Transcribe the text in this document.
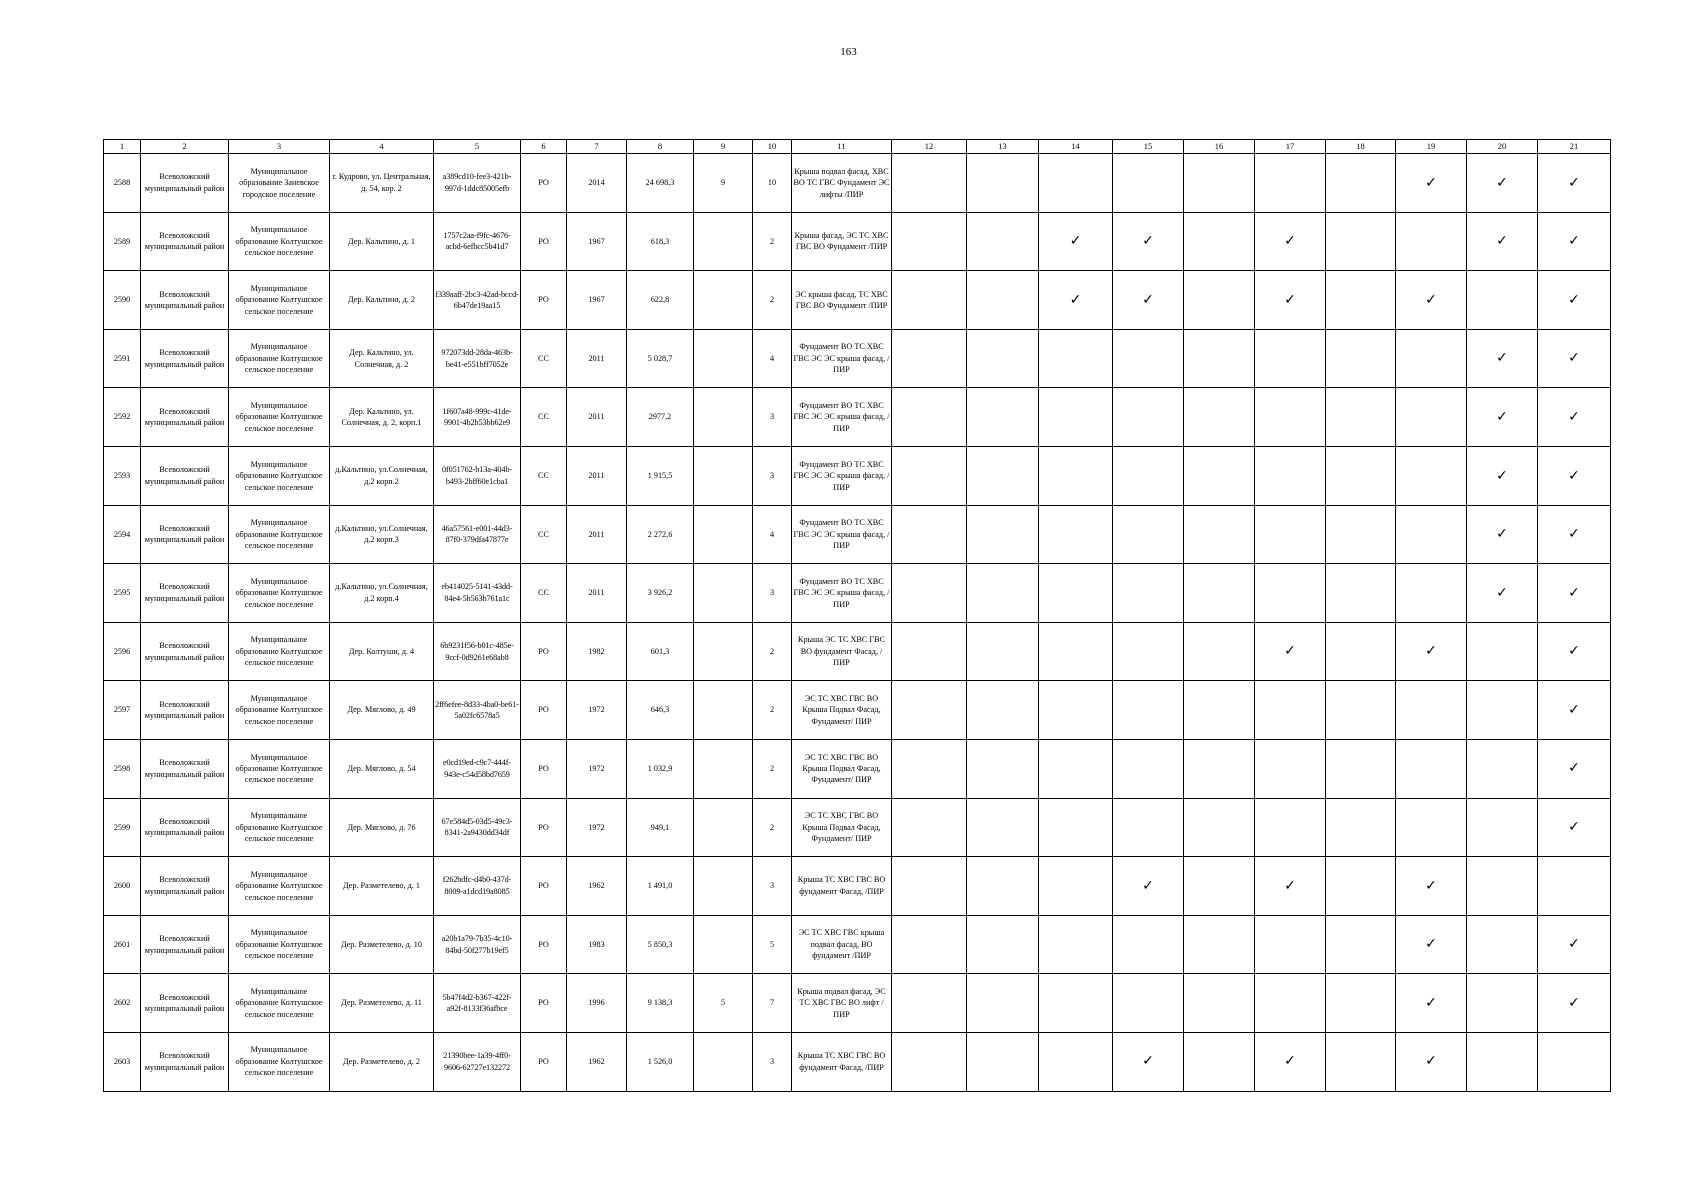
163
1	2	3	4	5	6	7	8	9	10	11	12	13	14	15	16	17	18	19	20	21
2588	Всеволожский муниципальный район	Муниципальное образование Заневское городское поселение	г. Кудрово, ул. Центральная, д. 54, кор. 2	a389cd10-fee3-421b-997d-1ddc85005efb	РО	2014	24 698,3	9	10	Крыша подвал фасад, ХВС ВО ТС ГВС Фундамент ЭС лифты /ПИР								✓	✓	✓
2589	Всеволожский муниципальный район	Муниципальное образование Колтушское сельское поселение	Дер. Кальтино, д. 1	1757c2aa-f9fc-4676-acbd-6efbcc5b41d7	РО	1967	618,3		2	Крыша фасад, ЭС ТС ХВС ГВС ВО Фундамент /ПИР			✓	✓		✓			✓	✓
2590	Всеволожский муниципальный район	Муниципальное образование Колтушское сельское поселение	Дер. Кальтино, д. 2	f339aaff-2bc3-42ad-bccd-6b47de19aa15	РО	1967	622,8		2	ЭС крыша фасад, ТС ХВС ГВС ВО Фундамент /ПИР			✓	✓		✓		✓		✓
2591	Всеволожский муниципальный район	Муниципальное образование Колтушское сельское поселение	Дер. Кальтино, ул. Солнечная, д. 2	972073dd-28da-463b-be41-e551bff7052e	СС	2011	5 028,7		4	Фундамент ВО ТС ХВС ГВС ЭС ЭС крыша фасад, /ПИР									✓	✓
2592	Всеволожский муниципальный район	Муниципальное образование Колтушское сельское поселение	Дер. Кальтино, ул. Солнечная, д. 2, корп.1	1f607a48-999c-41de-9901-4b2b53bb62e9	СС	2011	2977,2		3	Фундамент ВО ТС ХВС ГВС ЭС ЭС крыша фасад, /ПИР									✓	✓
2593	Всеволожский муниципальный район	Муниципальное образование Колтушское сельское поселение	д.Кальтино, ул.Солнечная, д.2 корп.2	0f051762-b13a-404b-b493-2bff60e1cba1	СС	2011	1 915,5		3	Фундамент ВО ТС ХВС ГВС ЭС ЭС крыша фасад, /ПИР									✓	✓
2594	Всеволожский муниципальный район	Муниципальное образование Колтушское сельское поселение	д.Кальтино, ул.Солнечная, д.2 корп.3	46a57561-e001-44d3-87f0-379dfa47877e	СС	2011	2 272,6		4	Фундамент ВО ТС ХВС ГВС ЭС ЭС крыша фасад, /ПИР									✓	✓
2595	Всеволожский муниципальный район	Муниципальное образование Колтушское сельское поселение	д.Кальтино, ул.Солнечная, д.2 корп.4	eb414025-5141-43dd-84e4-5b563b761a1c	СС	2011	3 926,2		3	Фундамент ВО ТС ХВС ГВС ЭС ЭС крыша фасад, /ПИР									✓	✓
2596	Всеволожский муниципальный район	Муниципальное образование Колтушское сельское поселение	Дер. Колтуши, д. 4	6b9231f56-b01c-485e-9ccf-0d9261e68ab8	РО	1982	601,3		2	Крыша ЭС ТС ХВС ГВС ВО фундамент Фасад, /ПИР						✓		✓		✓
2597	Всеволожский муниципальный район	Муниципальное образование Колтушское сельское поселение	Дер. Мяглово, д. 49	2ff6efee-8d33-4ba0-be61-5a02fc6578a5	РО	1972	646,3		2	ЭС ТС ХВС ГВС ВО Крыша Подвал Фасад, Фундамент/ ПИР										✓
2598	Всеволожский муниципальный район	Муниципальное образование Колтушское сельское поселение	Дер. Мяглово, д. 54	e0cd19ed-c9c7-444f-943e-c54d58bd7659	РО	1972	1 032,9		2	ЭС ТС ХВС ГВС ВО Крыша Подвал Фасад, Фундамент/ ПИР										✓
2599	Всеволожский муниципальный район	Муниципальное образование Колтушское сельское поселение	Дер. Мяглово, д. 76	67e584d5-03d5-49c3-8341-2a9430dd34df	РО	1972	949,1		2	ЭС ТС ХВС ГВС ВО Крыша Подвал Фасад, Фундамент/ ПИР										✓
2600	Всеволожский муниципальный район	Муниципальное образование Колтушское сельское поселение	Дер. Разметелево, д. 1	f262bdfc-d4b0-437d-8009-a1dcd19a8085	РО	1962	1 491,0		3	Крыша ТС ХВС ГВС ВО фундамент Фасад, /ПИР				✓		✓		✓		
2601	Всеволожский муниципальный район	Муниципальное образование Колтушское сельское поселение	Дер. Разметелево, д. 10	a20b1a79-7b35-4c10-84bd-50f277b19ef5	РО	1983	5 850,3		5	ЭС ТС ХВС ГВС крыша подвал фасад, ВО фундамент /ПИР								✓		✓
2602	Всеволожский муниципальный район	Муниципальное образование Колтушское сельское поселение	Дер. Разметелево, д. 11	5b47f4d2-b367-422f-a92f-8133f36afbce	РО	1996	9 138,3	5	7	Крыша подвал фасад, ЭС ТС ХВС ГВС ВО лифт /ПИР								✓		✓
2603	Всеволожский муниципальный район	Муниципальное образование Колтушское сельское поселение	Дер. Разметелево, д. 2	21390bee-1a39-4ff0-9606-62727e132272	РО	1962	1 526,0		3	Крыша ТС ХВС ГВС ВО фундамент Фасад, /ПИР				✓		✓		✓		
